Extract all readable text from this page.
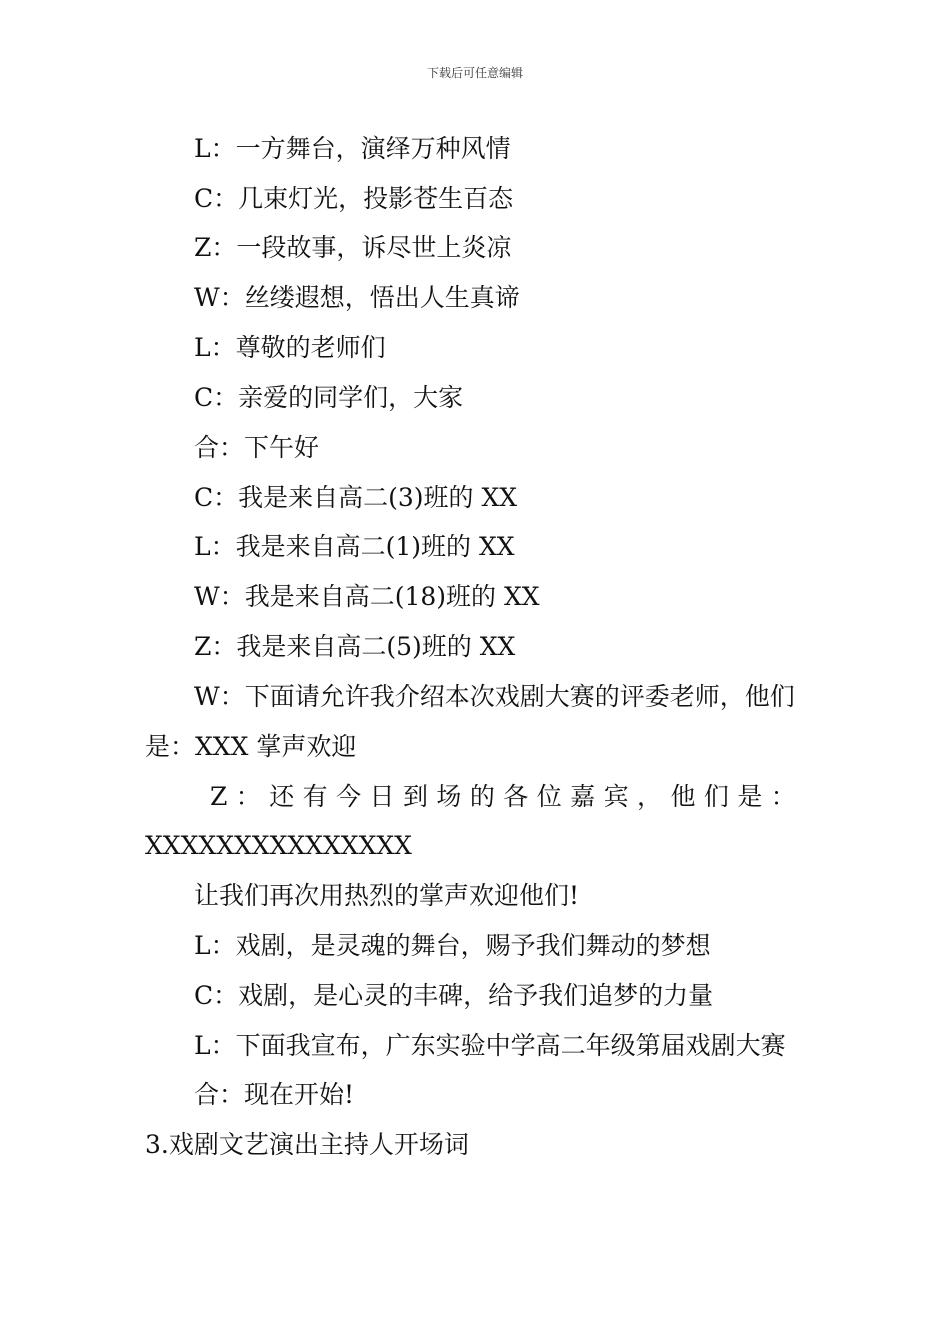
下载后可任意编辑
L：一方舞台，演绎万种风情
C：几束灯光，投影苍生百态
Z：一段故事，诉尽世上炎凉
W：丝缕遐想，悟出人生真谛
L：尊敬的老师们
C：亲爱的同学们，大家
合：下午好
C：我是来自高二(3)班的 XX
L：我是来自高二(1)班的 XX
W：我是来自高二(18)班的 XX
Z：我是来自高二(5)班的 XX
W：下面请允许我介绍本次戏剧大赛的评委老师，他们
是：XXX 掌声欢迎
Z ： 还 有 今 日 到 场 的 各 位 嘉 宾 ， 他 们 是 ：
XXXXXXXXXXXXXXX
让我们再次用热烈的掌声欢迎他们!
L：戏剧，是灵魂的舞台，赐予我们舞动的梦想
C：戏剧，是心灵的丰碑，给予我们追梦的力量
L：下面我宣布，广东实验中学高二年级第届戏剧大赛
合：现在开始!
3.戏剧文艺演出主持人开场词
